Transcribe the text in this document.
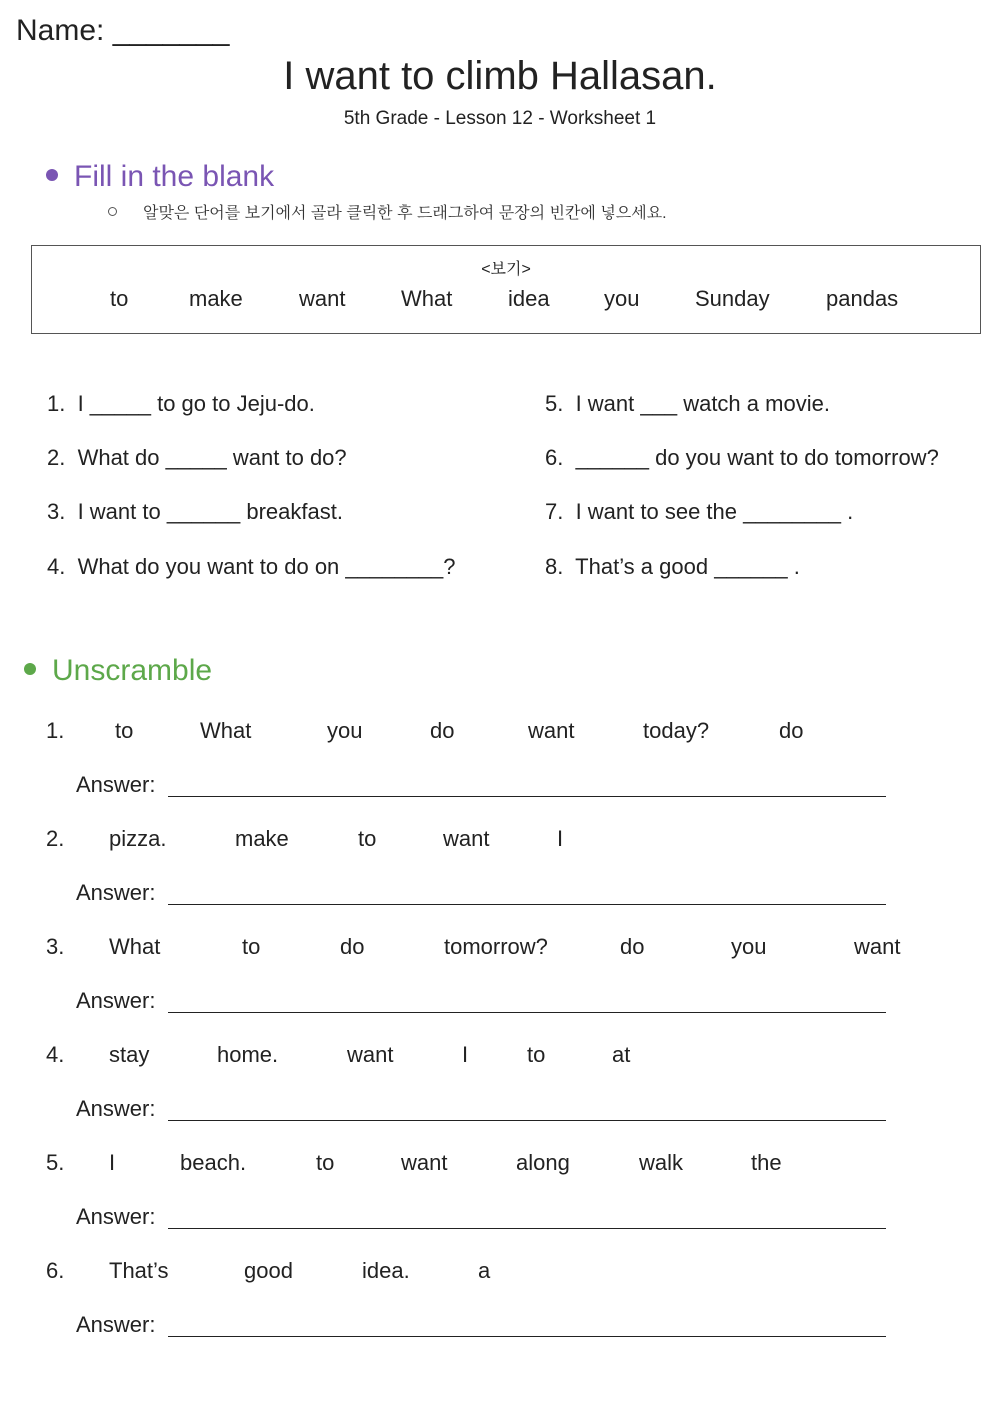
Name: _______
I want to climb Hallasan.
5th Grade - Lesson 12 - Worksheet 1
Fill in the blank
알맞은 단어를 보기에서 골라 클릭한 후 드래그하여 문장의 빈칸에 넣으세요.
<보기>
to	make	want	What	idea you	Sunday	pandas
1.  I _____ to go to Jeju-do.
2.  What do _____ want to do?
3.  I want to ______ breakfast.
4.  What do you want to do on ________?
5.  I want ___ watch a movie.
6.  ______ do you want to do tomorrow?
7.  I want to see the ________ .
8.  That’s a good ______ .
Unscramble
1. to	What	you	do	want	today?	do
Answer:
2. pizza.	make	to	want	I
Answer:
3. What	to	do	tomorrow?	do	you	want
Answer:
4. stay	home.	want	I	to	at
Answer:
5. I	beach.	to	want	along	walk	the
Answer:
6. That’s	good	idea.	a
Answer:
